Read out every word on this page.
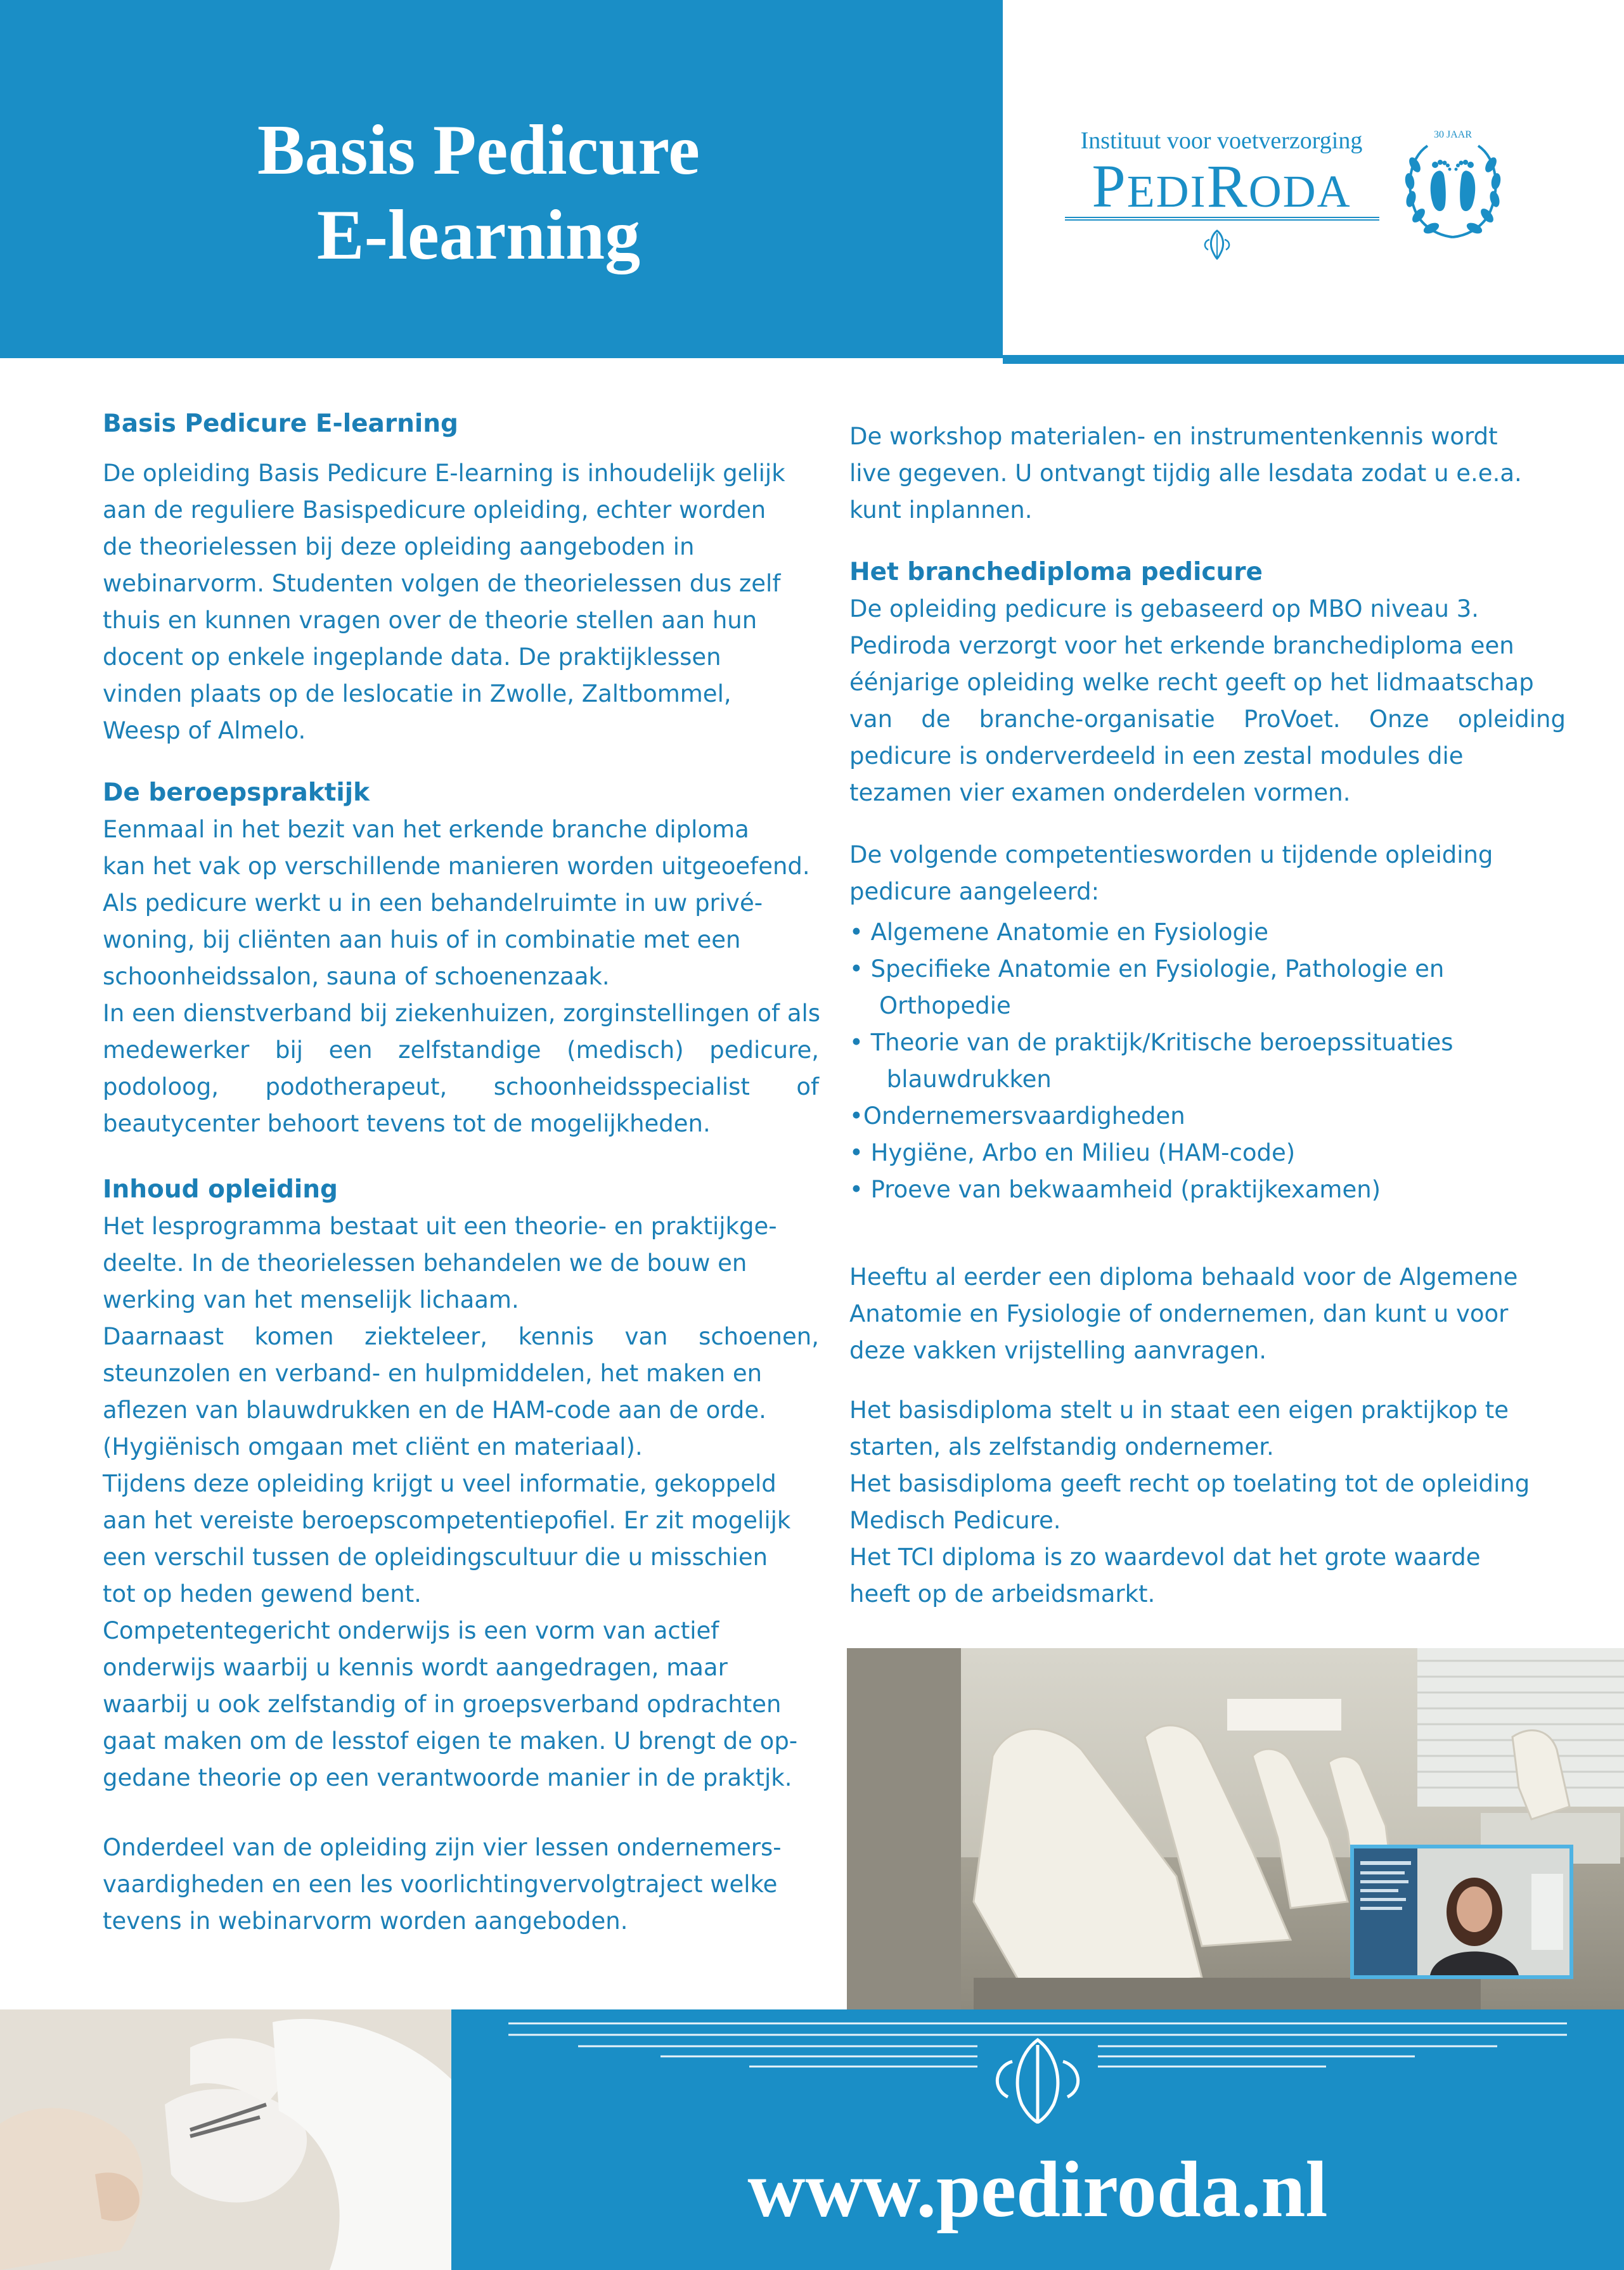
Basis Pedicure
E-learning
Instituut voor voetverzorging
PEDIRODA
30 JAAR
Basis Pedicure E-learning
De opleiding Basis Pedicure E-learning is inhoudelijk gelijk
aan de reguliere Basispedicure opleiding, echter worden
de theorielessen bij deze opleiding aangeboden in
webinarvorm. Studenten volgen de theorielessen dus zelf
thuis en kunnen vragen over de theorie stellen aan hun
docent op enkele ingeplande data. De praktijklessen
vinden plaats op de leslocatie in Zwolle, Zaltbommel,
Weesp of Almelo.
De beroepspraktijk
Eenmaal in het bezit van het erkende branche diploma
kan het vak op verschillende manieren worden uitgeoefend.
Als pedicure werkt u in een behandelruimte in uw privé-
woning, bij cliënten aan huis of in combinatie met een
schoonheidssalon, sauna of schoenenzaak.
In een dienstverband bij ziekenhuizen, zorginstellingen of als
medewerker bij een zelfstandige (medisch) pedicure,
podoloog, podotherapeut, schoonheidsspecialist of
beautycenter behoort tevens tot de mogelijkheden.
Inhoud opleiding
Het lesprogramma bestaat uit een theorie- en praktijkge-
deelte. In de theorielessen behandelen we de bouw en
werking van het menselijk lichaam.
Daarnaast komen ziekteleer, kennis van schoenen,
steunzolen en verband- en hulpmiddelen, het maken en
aflezen van blauwdrukken en de HAM-code aan de orde.
(Hygiënisch omgaan met cliënt en materiaal).
Tijdens deze opleiding krijgt u veel informatie, gekoppeld
aan het vereiste beroepscompetentiepofiel. Er zit mogelijk
een verschil tussen de opleidingscultuur die u misschien
tot op heden gewend bent.
Competentegericht onderwijs is een vorm van actief
onderwijs waarbij u kennis wordt aangedragen, maar
waarbij u ook zelfstandig of in groepsverband opdrachten
gaat maken om de lesstof eigen te maken. U brengt de op-
gedane theorie op een verantwoorde manier in de praktjk.
Onderdeel van de opleiding zijn vier lessen ondernemers-
vaardigheden en een les voorlichtingvervolgtraject welke
tevens in webinarvorm worden aangeboden.
De workshop materialen- en instrumentenkennis wordt
live gegeven. U ontvangt tijdig alle lesdata zodat u e.e.a.
kunt inplannen.
Het branchediploma pedicure
De opleiding pedicure is gebaseerd op MBO niveau 3.
Pediroda verzorgt voor het erkende branchediploma een
éénjarige opleiding welke recht geeft op het lidmaatschap
van de branche-organisatie ProVoet. Onze opleiding
pedicure is onderverdeeld in een zestal modules die
tezamen vier examen onderdelen vormen.
De volgende competentiesworden u tijdende opleiding
pedicure aangeleerd:
• Algemene Anatomie en Fysiologie
• Specifieke Anatomie en Fysiologie, Pathologie en
Orthopedie
• Theorie van de praktijk/Kritische beroepssituaties
blauwdrukken
•Ondernemersvaardigheden
• Hygiëne, Arbo en Milieu (HAM-code)
• Proeve van bekwaamheid (praktijkexamen)
Heeftu al eerder een diploma behaald voor de Algemene
Anatomie en Fysiologie of ondernemen, dan kunt u voor
deze vakken vrijstelling aanvragen.
Het basisdiploma stelt u in staat een eigen praktijkop te
starten, als zelfstandig ondernemer.
Het basisdiploma geeft recht op toelating tot de opleiding
Medisch Pedicure.
Het TCI diploma is zo waardevol dat het grote waarde
heeft op de arbeidsmarkt.
www.pediroda.nl
